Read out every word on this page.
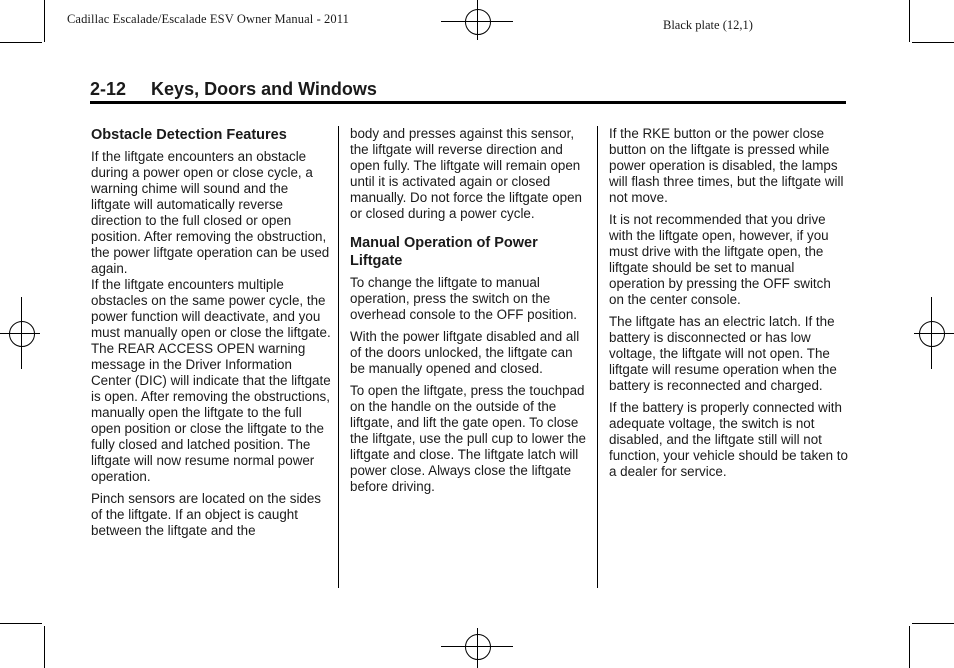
Cadillac Escalade/Escalade ESV Owner Manual - 2011	Black plate (12,1)
2-12 Keys, Doors and Windows
Obstacle Detection Features

If the liftgate encounters an obstacle during a power open or close cycle, a warning chime will sound and the liftgate will automatically reverse direction to the full closed or open position. After removing the obstruction, the power liftgate operation can be used again.

If the liftgate encounters multiple obstacles on the same power cycle, the power function will deactivate, and you must manually open or close the liftgate. The REAR ACCESS OPEN warning message in the Driver Information Center (DIC) will indicate that the liftgate is open. After removing the obstructions, manually open the liftgate to the full open position or close the liftgate to the fully closed and latched position. The liftgate will now resume normal power operation.

Pinch sensors are located on the sides of the liftgate. If an object is caught between the liftgate and the

body and presses against this sensor, the liftgate will reverse direction and open fully. The liftgate will remain open until it is activated again or closed manually. Do not force the liftgate open or closed during a power cycle.

Manual Operation of Power Liftgate

To change the liftgate to manual operation, press the switch on the overhead console to the OFF position.

With the power liftgate disabled and all of the doors unlocked, the liftgate can be manually opened and closed.

To open the liftgate, press the touchpad on the handle on the outside of the liftgate, and lift the gate open. To close the liftgate, use the pull cup to lower the liftgate and close. The liftgate latch will power close. Always close the liftgate before driving.

If the RKE button or the power close button on the liftgate is pressed while power operation is disabled, the lamps will flash three times, but the liftgate will not move.

It is not recommended that you drive with the liftgate open, however, if you must drive with the liftgate open, the liftgate should be set to manual operation by pressing the OFF switch on the center console.

The liftgate has an electric latch. If the battery is disconnected or has low voltage, the liftgate will not open. The liftgate will resume operation when the battery is reconnected and charged.

If the battery is properly connected with adequate voltage, the switch is not disabled, and the liftgate still will not function, your vehicle should be taken to a dealer for service.
